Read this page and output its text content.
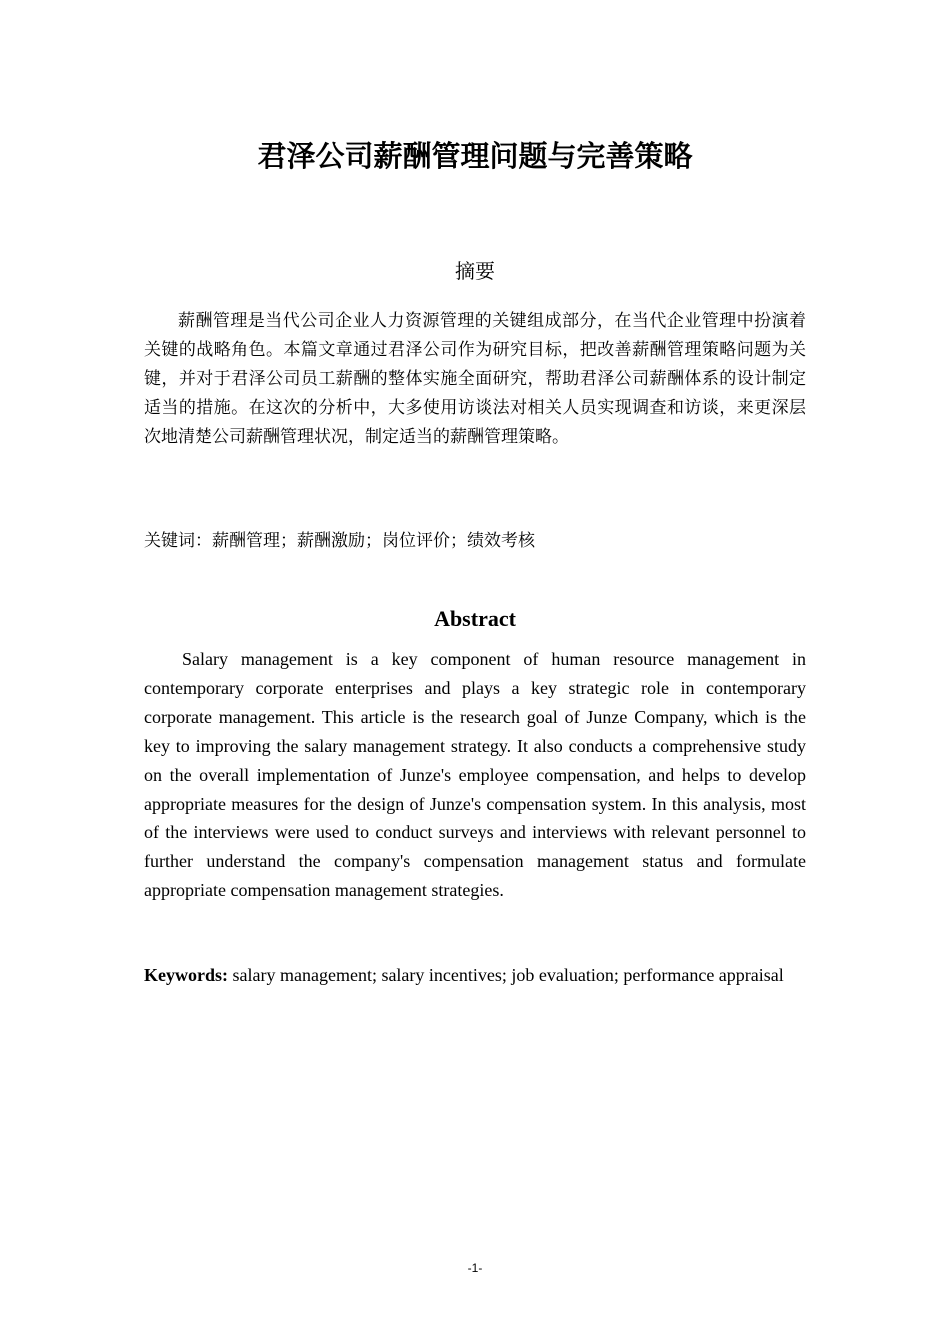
君泽公司薪酬管理问题与完善策略
摘要

薪酬管理是当代公司企业人力资源管理的关键组成部分，在当代企业管理中扮演着关键的战略角色。本篇文章通过君泽公司作为研究目标，把改善薪酬管理策略问题为关键，并对于君泽公司员工薪酬的整体实施全面研究，帮助君泽公司薪酬体系的设计制定适当的措施。在这次的分析中，大多使用访谈法对相关人员实现调查和访谈，来更深层次地清楚公司薪酬管理状况，制定适当的薪酬管理策略。

关键词：薪酬管理；薪酬激励；岗位评价；绩效考核

Abstract

Salary management is a key component of human resource management in contemporary corporate enterprises and plays a key strategic role in contemporary corporate management. This article is the research goal of Junze Company, which is the key to improving the salary management strategy. It also conducts a comprehensive study on the overall implementation of Junze's employee compensation, and helps to develop appropriate measures for the design of Junze's compensation system. In this analysis, most of the interviews were used to conduct surveys and interviews with relevant personnel to further understand the company's compensation management status and formulate appropriate compensation management strategies.

Keywords: salary management; salary incentives; job evaluation; performance appraisal

-1-
